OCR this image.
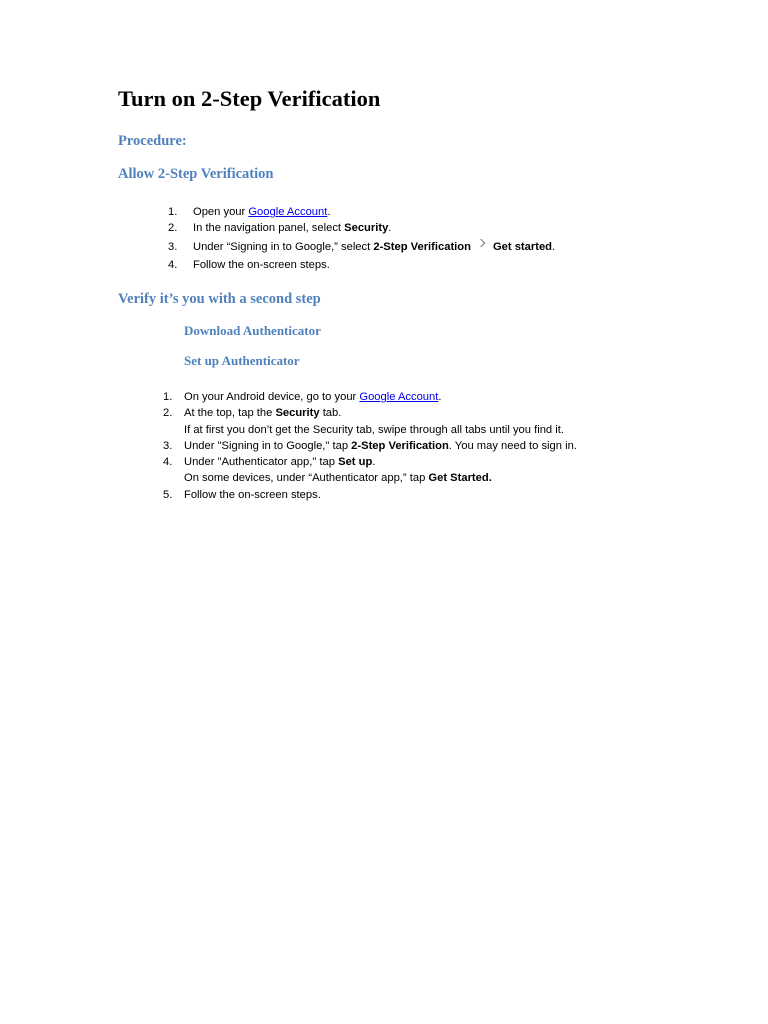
Turn on 2-Step Verification
Procedure:
Allow 2-Step Verification
1. Open your Google Account.
2. In the navigation panel, select Security.
3. Under “Signing in to Google,” select 2-Step Verification Get started.
4. Follow the on-screen steps.
Verify it’s you with a second step
Download Authenticator
Set up Authenticator
1. On your Android device, go to your Google Account.
2. At the top, tap the Security tab.
If at first you don’t get the Security tab, swipe through all tabs until you find it.
3. Under "Signing in to Google," tap 2-Step Verification. You may need to sign in.
4. Under "Authenticator app," tap Set up.
On some devices, under “Authenticator app,” tap Get Started.
5. Follow the on-screen steps.
